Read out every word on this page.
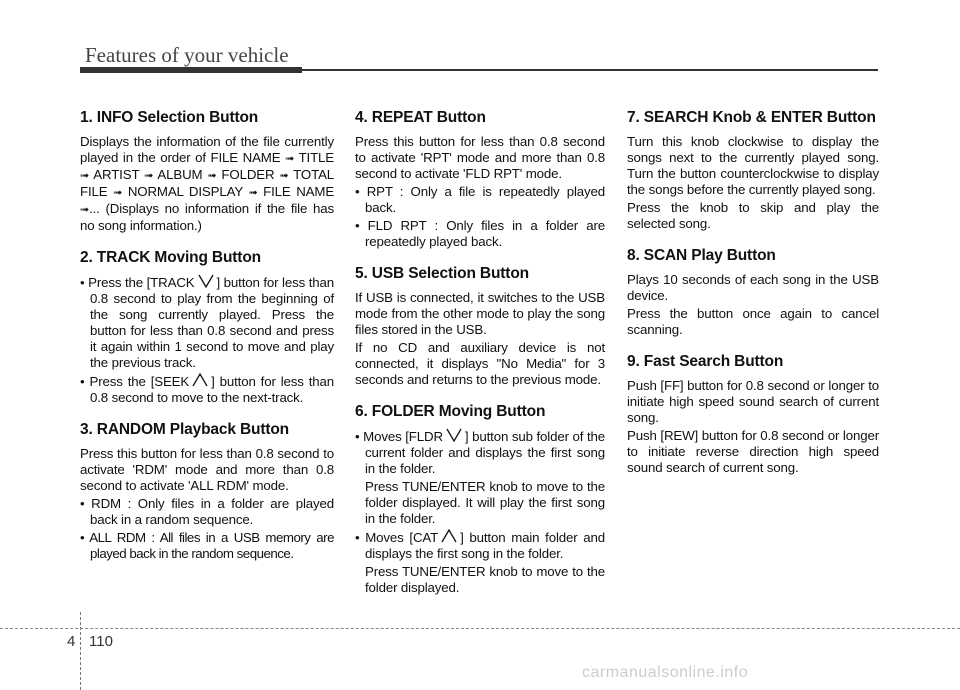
Features of your vehicle
1. INFO Selection Button

Displays the information of the file currently played in the order of FILE NAME ➟ TITLE ➟ ARTIST ➟ ALBUM ➟ FOLDER ➟ TOTAL FILE ➟ NORMAL DISPLAY ➟ FILE NAME ➟... (Displays no information if the file has no song information.)

2. TRACK Moving Button
• Press the [TRACK ] button for less than 0.8 second to play from the beginning of the song currently played. Press the button for less than 0.8 second and press it again within 1 second to move and play the previous track.
• Press the [SEEK ] button for less than 0.8 second to move to the next-track.
3. RANDOM Playback Button

Press this button for less than 0.8 second to activate 'RDM' mode and more than 0.8 second to activate 'ALL RDM' mode.

• RDM : Only files in a folder are played back in a random sequence.
• ALL RDM : All files in a USB memory are played back in the random sequence.
4. REPEAT Button

Press this button for less than 0.8 second to activate 'RPT' mode and more than 0.8 second to activate 'FLD RPT' mode.

• RPT : Only a file is repeatedly played back.
• FLD RPT : Only files in a folder are repeatedly played back.
5. USB Selection Button

If USB is connected, it switches to the USB mode from the other mode to play the song files stored in the USB.

If no CD and auxiliary device is not connected, it displays "No Media" for 3 seconds and returns to the previous mode.

6. FOLDER Moving Button
• Moves [FLDR ] button sub folder of the current folder and displays the first song in the folder.
Press TUNE/ENTER knob to move to the folder displayed. It will play the first song in the folder.
• Moves [CAT ] button main folder and displays the first song in the folder.
Press TUNE/ENTER knob to move to the folder displayed.
7. SEARCH Knob & ENTER Button

Turn this knob clockwise to display the songs next to the currently played song. Turn the button counterclockwise to display the songs before the currently played song.

Press the knob to skip and play the selected song.

8. SCAN Play Button

Plays 10 seconds of each song in the USB device.

Press the button once again to cancel scanning.

9. Fast Search Button

Push [FF] button for 0.8 second or longer to initiate high speed sound search of current song.

Push [REW] button for 0.8 second or longer to initiate reverse direction high speed sound search of current song.

4 110
carmanualsonline.info
